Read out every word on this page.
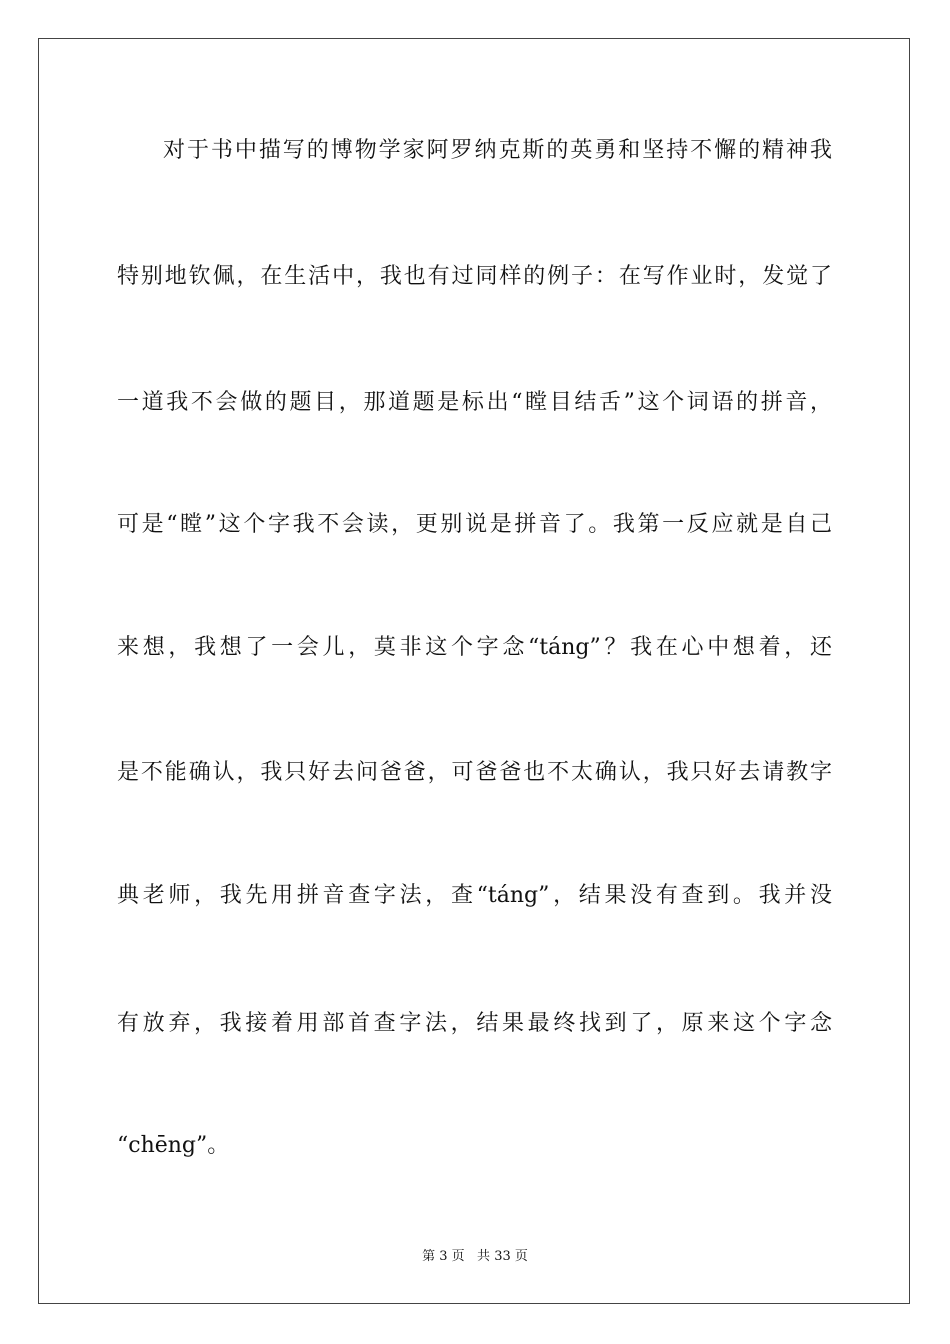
对于书中描写的博物学家阿罗纳克斯的英勇和坚持不懈的精神我
特别地钦佩，在生活中，我也有过同样的例子：在写作业时，发觉了
一道我不会做的题目，那道题是标出“瞠目结舌”这个词语的拼音，
可是“瞠”这个字我不会读，更别说是拼音了。我第一反应就是自己
来想，我想了一会儿，莫非这个字念“táng”？我在心中想着，还
是不能确认，我只好去问爸爸，可爸爸也不太确认，我只好去请教字
典老师，我先用拼音查字法，查“táng”，结果没有查到。我并没
有放弃，我接着用部首查字法，结果最终找到了，原来这个字念
“chēng”。
第 3 页   共 33 页
